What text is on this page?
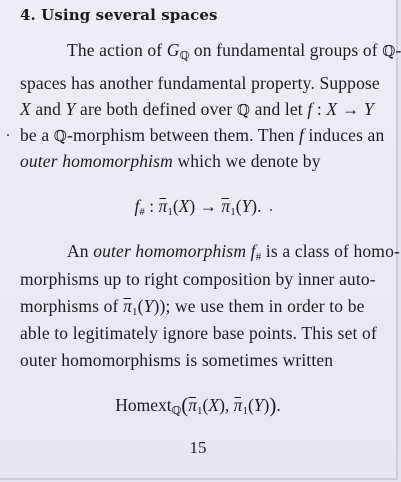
4. Using several spaces
The action of $G_ℚ$ on fundamental groups of ℚ-
spaces has another fundamental property. Suppose
X and Y are both defined over ℚ and let f : X → Y
be a ℚ-morphism between them. Then f induces an
outer homomorphism which we denote by
$f_{\#}$ : $\pi_1(X) \to \pi_1(Y)$.
An outer homomorphism $f_{\#}$ is a class of homo-
morphisms up to right composition by inner auto-
morphisms of $\pi_1(Y)$); we use them in order to be
able to legitimately ignore base points. This set of
outer homomorphisms is sometimes written
$Homext_ℚ(\pi_1(X)$, $\pi_1(Y)$).
15
